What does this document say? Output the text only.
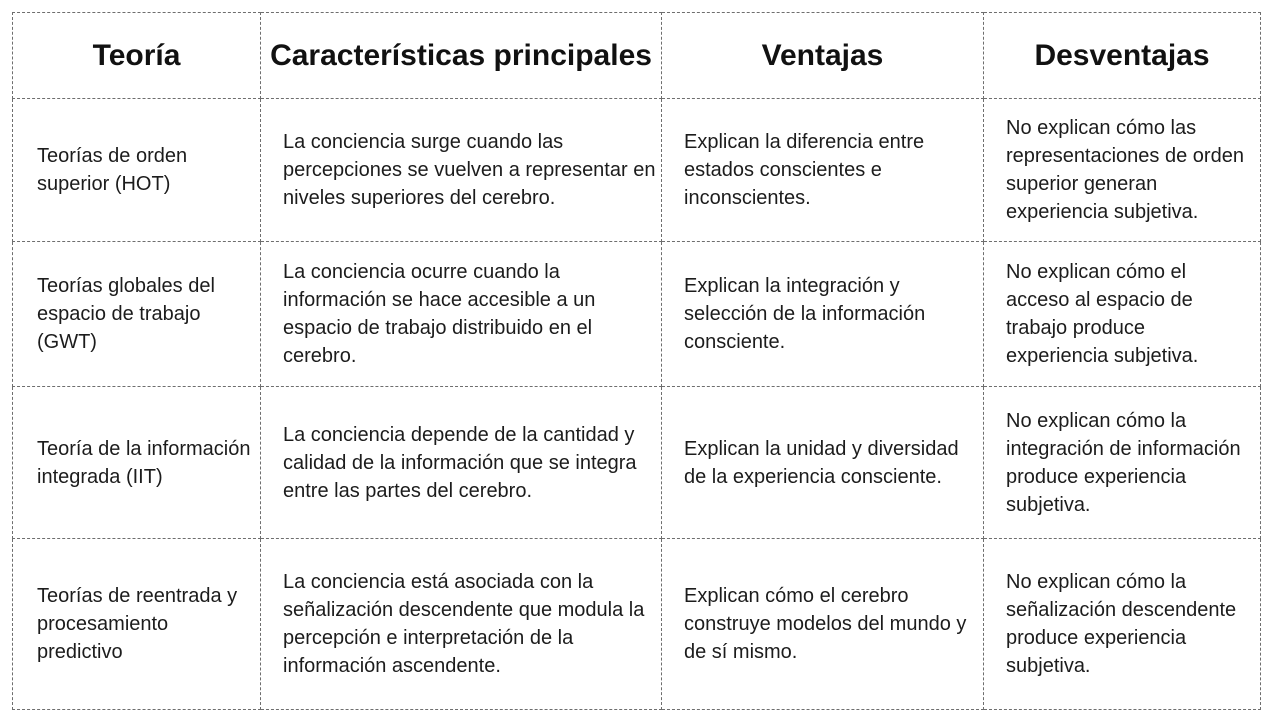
Teoría	Características principales	Ventajas	Desventajas

Teorías de orden superior (HOT)	La conciencia surge cuando las percepciones se vuelven a representar en niveles superiores del cerebro.	Explican la diferencia entre estados conscientes e inconscientes.	No explican cómo las representaciones de orden superior generan experiencia subjetiva.

Teorías globales del espacio de trabajo (GWT)	La conciencia ocurre cuando la información se hace accesible a un espacio de trabajo distribuido en el cerebro.	Explican la integración y selección de la información consciente.	No explican cómo el acceso al espacio de trabajo produce experiencia subjetiva.

Teoría de la información integrada (IIT)	La conciencia depende de la cantidad y calidad de la información que se integra entre las partes del cerebro.	Explican la unidad y diversidad de la experiencia consciente.	No explican cómo la integración de información produce experiencia subjetiva.

Teorías de reentrada y procesamiento predictivo	La conciencia está asociada con la señalización descendente que modula la percepción e interpretación de la información ascendente.	Explican cómo el cerebro construye modelos del mundo y de sí mismo.	No explican cómo la señalización descendente produce experiencia subjetiva.
